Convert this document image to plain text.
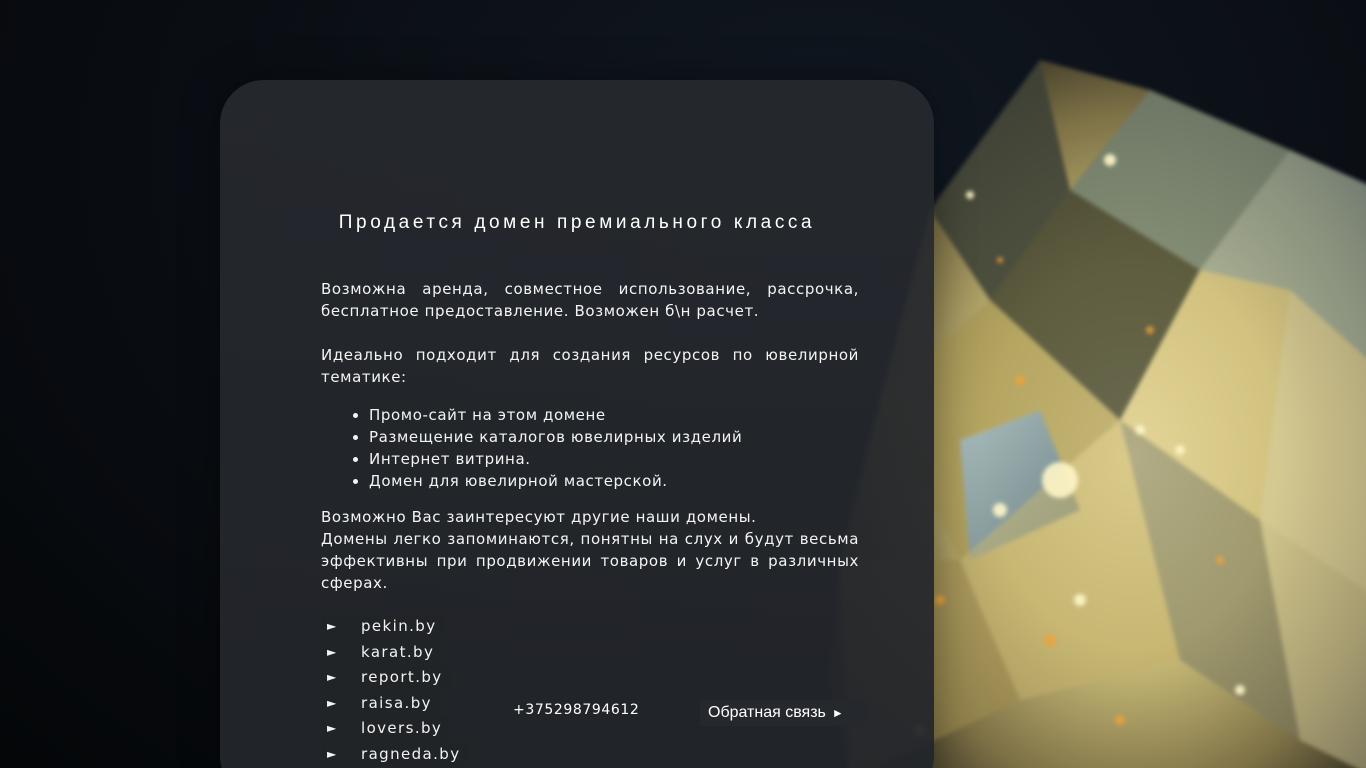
Продается домен премиального класса

Возможна аренда, совместное использование, рассрочка, бесплатное предоставление. Возможен б\н расчет.

Идеально подходит для создания ресурсов по ювелирной тематике:

• Промо-сайт на этом домене
• Размещение каталогов ювелирных изделий
• Интернет витрина.
• Домен для ювелирной мастерской.

Возможно Вас заинтересуют другие наши домены.

Домены легко запоминаются, понятны на слух и будут весьма эффективны при продвижении товаров и услуг в различных сферах.

►	pekin.by
►	karat.by
►	report.by
►	raisa.by
►	lovers.by
►	ragneda.by
+375298794612	Обратная связь ►
